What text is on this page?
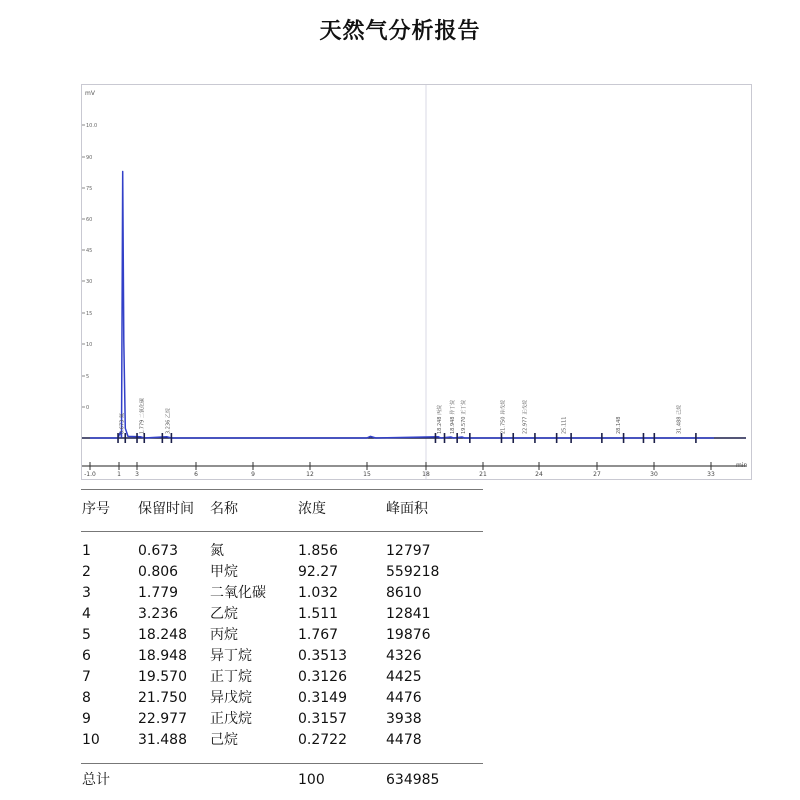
天然气分析报告
mV
10.0
90
75
60
45
30
15
10
5
0
-1.0	1 3	6	9	12	15	18	21	24	27	30	33
min
0.673 氮	1.779 二氧化碳	3.236 乙烷	18.248 丙烷 18.948 异丁烷 19.570 正丁烷	21.750 异戊烷	22.977 正戊烷	25.111	28.148	31.488 己烷
序号 保留时间 名称	浓度	峰面积
1	0.673 氮	1.856	12797
2	0.806 甲烷	92.27	559218
3	1.779 二氧化碳 1.032	8610
4	3.236 乙烷	1.511	12841
5	18.248 丙烷	1.767	19876
6	18.948 异丁烷	0.3513	4326
7	19.570 正丁烷	0.3126	4425
8	21.750 异戊烷	0.3149	4476
9	22.977 正戊烷	0.3157	3938
10	31.488 己烷	0.2722	4478
总计	100	634985
